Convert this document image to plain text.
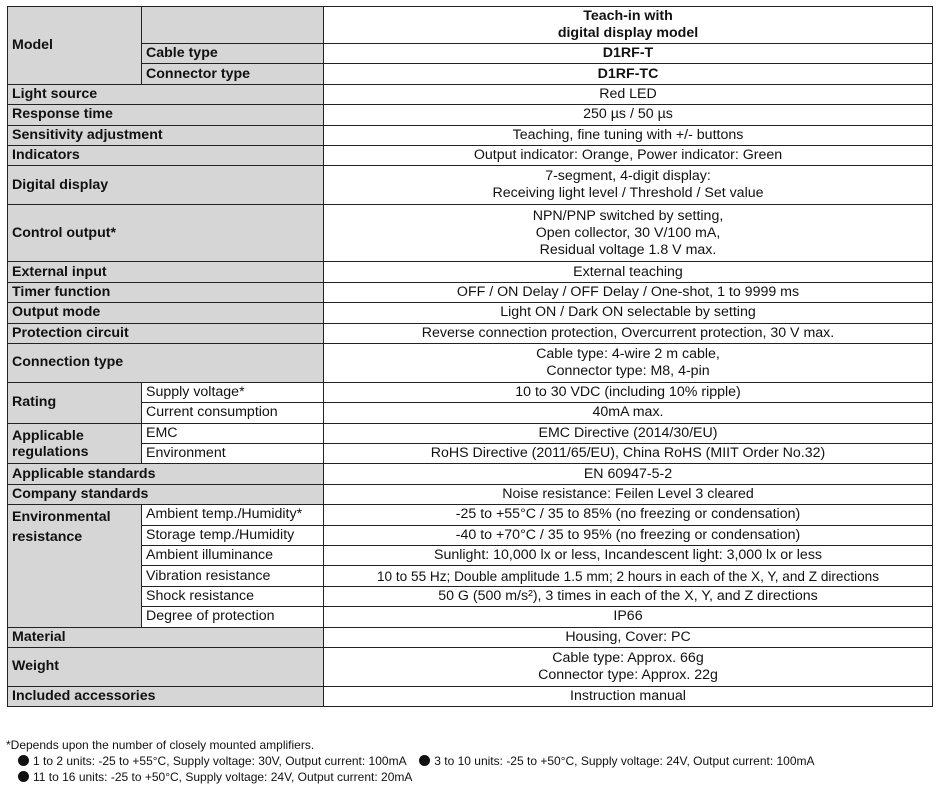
Model		Teach-in with
digital display model

	Cable type	D1RF-T
	Connector type	D1RF-TC
Light source		Red LED
Response time		250 µs / 50 µs
Sensitivity adjustment		Teaching, fine tuning with +/- buttons
Indicators		Output indicator: Orange, Power indicator: Green
Digital display		7-segment, 4-digit display:
Receiving light level / Threshold / Set value

Control output*		NPN/PNP switched by setting,
Open collector, 30 V/100 mA,
Residual voltage 1.8 V max.

External input		External teaching
Timer function		OFF / ON Delay / OFF Delay / One-shot, 1 to 9999 ms
Output mode		Light ON / Dark ON selectable by setting
Protection circuit		Reverse connection protection, Overcurrent protection, 30 V max.
Connection type		Cable type: 4-wire 2 m cable,
Connector type: M8, 4-pin

Rating	Supply voltage*	10 to 30 VDC (including 10% ripple)
	Current consumption	40mA max.

Applicable
regulations	EMC	EMC Directive (2014/30/EU)
	Environment	RoHS Directive (2011/65/EU), China RoHS (MIIT Order No.32)
Applicable standards		EN 60947-5-2
Company standards		Noise resistance: Feilen Level 3 cleared

Environmental
resistance	Ambient temp./Humidity*	-25 to +55°C / 35 to 85% (no freezing or condensation)
	Storage temp./Humidity	-40 to +70°C / 35 to 95% (no freezing or condensation)
	Ambient illuminance	Sunlight: 10,000 lx or less, Incandescent light: 3,000 lx or less
	Vibration resistance	10 to 55 Hz; Double amplitude 1.5 mm; 2 hours in each of the X, Y, and Z directions
	Shock resistance	50 G (500 m/s²), 3 times in each of the X, Y, and Z directions
	Degree of protection	IP66
Material		Housing, Cover: PC
Weight		Cable type: Approx. 66g
Connector type: Approx. 22g

Included accessories		Instruction manual
*Depends upon the number of closely mounted amplifiers.
1 to 2 units: -25 to +55°C, Supply voltage: 30V, Output current: 100mA 3 to 10 units: -25 to +50°C, Supply voltage: 24V, Output current: 100mA
11 to 16 units: -25 to +50°C, Supply voltage: 24V, Output current: 20mA
